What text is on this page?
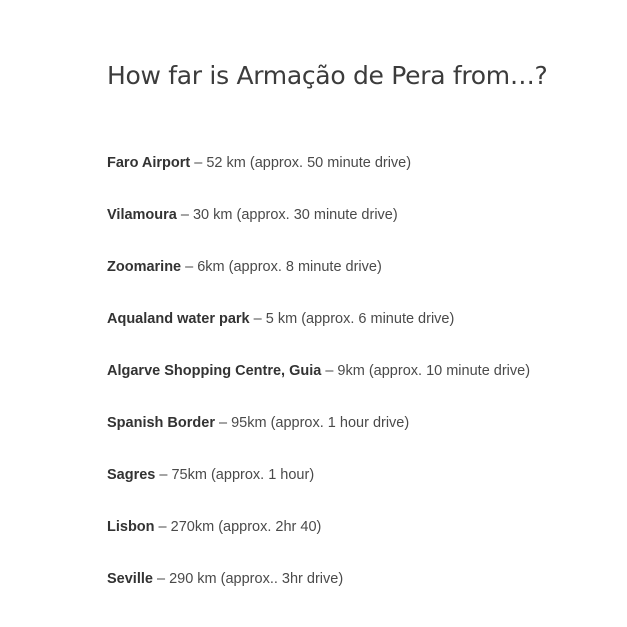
How far is Armação de Pera from…?
Faro Airport – 52 km (approx. 50 minute drive)
Vilamoura – 30 km (approx. 30 minute drive)
Zoomarine – 6km (approx. 8 minute drive)
Aqualand water park – 5 km (approx. 6 minute drive)
Algarve Shopping Centre, Guia – 9km (approx. 10 minute drive)
Spanish Border – 95km (approx. 1 hour drive)
Sagres – 75km (approx. 1 hour)
Lisbon – 270km (approx. 2hr 40)
Seville – 290 km (approx.. 3hr drive)
